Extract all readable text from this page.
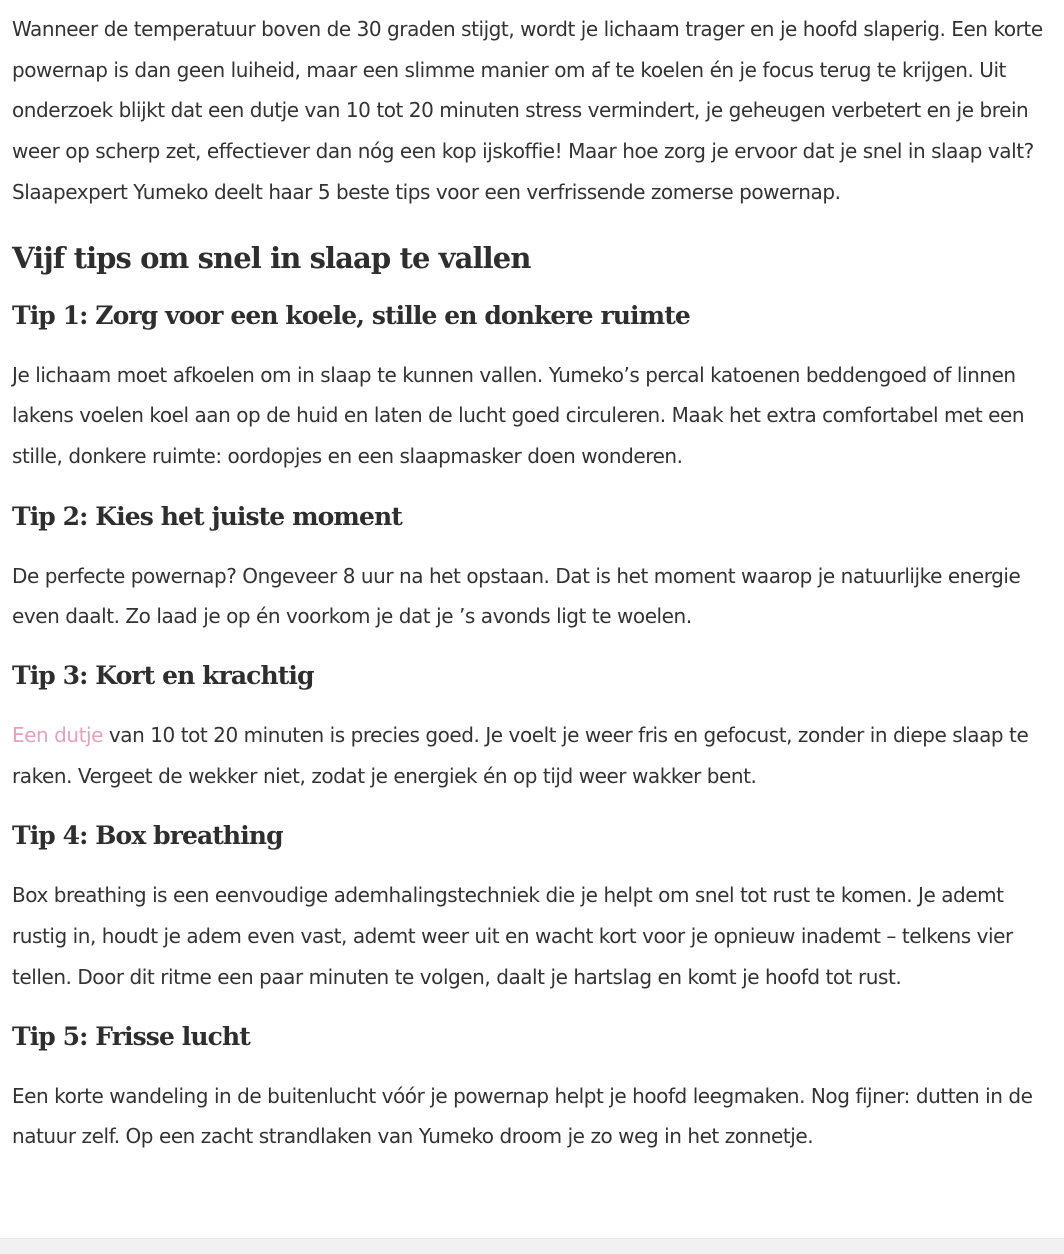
Wanneer de temperatuur boven de 30 graden stijgt, wordt je lichaam trager en je hoofd slaperig. Een korte powernap is dan geen luiheid, maar een slimme manier om af te koelen én je focus terug te krijgen. Uit onderzoek blijkt dat een dutje van 10 tot 20 minuten stress vermindert, je geheugen verbetert en je brein weer op scherp zet, effectiever dan nóg een kop ijskoffie! Maar hoe zorg je ervoor dat je snel in slaap valt? Slaapexpert Yumeko deelt haar 5 beste tips voor een verfrissende zomerse powernap.

Vijf tips om snel in slaap te vallen
Tip 1: Zorg voor een koele, stille en donkere ruimte

Je lichaam moet afkoelen om in slaap te kunnen vallen. Yumeko’s percal katoenen beddengoed of linnen lakens voelen koel aan op de huid en laten de lucht goed circuleren. Maak het extra comfortabel met een stille, donkere ruimte: oordopjes en een slaapmasker doen wonderen.

Tip 2: Kies het juiste moment

De perfecte powernap? Ongeveer 8 uur na het opstaan. Dat is het moment waarop je natuurlijke energie even daalt. Zo laad je op én voorkom je dat je ’s avonds ligt te woelen.

Tip 3: Kort en krachtig

Een dutje van 10 tot 20 minuten is precies goed. Je voelt je weer fris en gefocust, zonder in diepe slaap te raken. Vergeet de wekker niet, zodat je energiek én op tijd weer wakker bent.

Tip 4: Box breathing

Box breathing is een eenvoudige ademhalingstechniek die je helpt om snel tot rust te komen. Je ademt rustig in, houdt je adem even vast, ademt weer uit en wacht kort voor je opnieuw inademt – telkens vier tellen. Door dit ritme een paar minuten te volgen, daalt je hartslag en komt je hoofd tot rust.

Tip 5: Frisse lucht

Een korte wandeling in de buitenlucht vóór je powernap helpt je hoofd leegmaken. Nog fijner: dutten in de natuur zelf. Op een zacht strandlaken van Yumeko droom je zo weg in het zonnetje.
